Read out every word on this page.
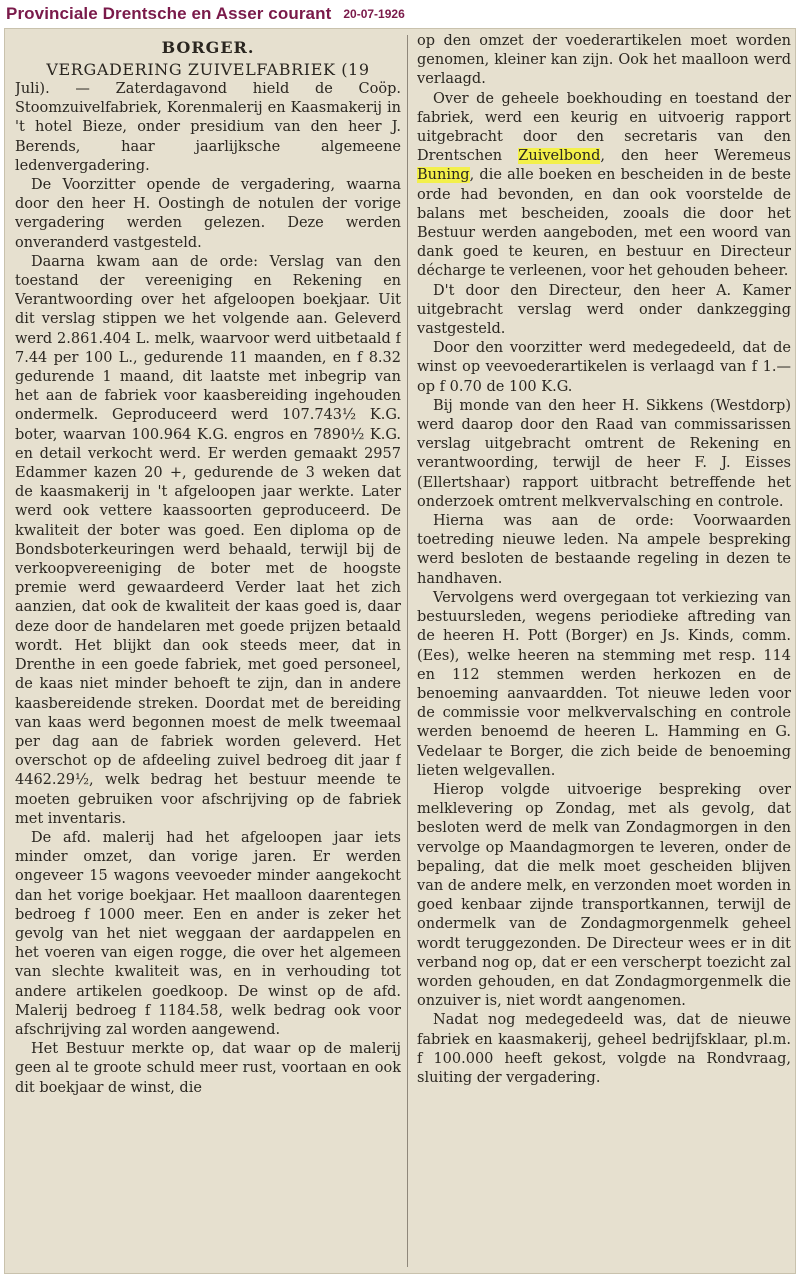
Provinciale Drentsche en Asser courant 20-07-1926
BORGER.
VERGADERING ZUIVELFABRIEK (19

Juli). — Zaterdagavond hield de Coöp. Stoomzuivelfabriek, Korenmalerij en Kaasmakerij in 't hotel Bieze, onder presidium van den heer J. Berends, haar jaarlijksche algemeene ledenvergadering.

De Voorzitter opende de vergadering, waarna door den heer H. Oostingh de notulen der vorige vergadering werden gelezen. Deze werden onveranderd vastgesteld.

Daarna kwam aan de orde: Verslag van den toestand der vereeniging en Rekening en Verantwoording over het afgeloopen boekjaar. Uit dit verslag stippen we het volgende aan. Geleverd werd 2.861.404 L. melk, waarvoor werd uitbetaald f 7.44 per 100 L., gedurende 11 maanden, en f 8.32 gedurende 1 maand, dit laatste met inbegrip van het aan de fabriek voor kaasbereiding ingehouden ondermelk. Geproduceerd werd 107.743½ K.G. boter, waarvan 100.964 K.G. engros en 7890½ K.G. en detail verkocht werd. Er werden gemaakt 2957 Edammer kazen 20 +, gedurende de 3 weken dat de kaasmakerij in 't afgeloopen jaar werkte. Later werd ook vettere kaassoorten geproduceerd. De kwaliteit der boter was goed. Een diploma op de Bondsboterkeuringen werd behaald, terwijl bij de verkoopvereeniging de boter met de hoogste premie werd gewaardeerd Verder laat het zich aanzien, dat ook de kwaliteit der kaas goed is, daar deze door de handelaren met goede prijzen betaald wordt. Het blijkt dan ook steeds meer, dat in Drenthe in een goede fabriek, met goed personeel, de kaas niet minder behoeft te zijn, dan in andere kaasbereidende streken. Doordat met de bereiding van kaas werd begonnen moest de melk tweemaal per dag aan de fabriek worden geleverd. Het overschot op de afdeeling zuivel bedroeg dit jaar f 4462.29½, welk bedrag het bestuur meende te moeten gebruiken voor afschrijving op de fabriek met inventaris.

De afd. malerij had het afgeloopen jaar iets minder omzet, dan vorige jaren. Er werden ongeveer 15 wagons veevoeder minder aangekocht dan het vorige boekjaar. Het maalloon daarentegen bedroeg f 1000 meer. Een en ander is zeker het gevolg van het niet weggaan der aardappelen en het voeren van eigen rogge, die over het algemeen van slechte kwaliteit was, en in verhouding tot andere artikelen goedkoop. De winst op de afd. Malerij bedroeg f 1184.58, welk bedrag ook voor afschrijving zal worden aangewend.

Het Bestuur merkte op, dat waar op de malerij geen al te groote schuld meer rust, voortaan en ook dit boekjaar de winst, die

op den omzet der voederartikelen moet worden genomen, kleiner kan zijn. Ook het maalloon werd verlaagd.

Over de geheele boekhouding en toestand der fabriek, werd een keurig en uitvoerig rapport uitgebracht door den secretaris van den Drentschen Zuivelbond, den heer Weremeus Buning, die alle boeken en bescheiden in de beste orde had bevonden, en dan ook voorstelde de balans met bescheiden, zooals die door het Bestuur werden aangeboden, met een woord van dank goed te keuren, en bestuur en Directeur décharge te verleenen, voor het gehouden beheer.

D't door den Directeur, den heer A. Kamer uitgebracht verslag werd onder dankzegging vastgesteld.

Door den voorzitter werd medegedeeld, dat de winst op veevoederartikelen is verlaagd van f 1.— op f 0.70 de 100 K.G.

Bij monde van den heer H. Sikkens (Westdorp) werd daarop door den Raad van commissarissen verslag uitgebracht omtrent de Rekening en verantwoording, terwijl de heer F. J. Eisses (Ellertshaar) rapport uitbracht betreffende het onderzoek omtrent melkvervalsching en controle.

Hierna was aan de orde: Voorwaarden toetreding nieuwe leden. Na ampele bespreking werd besloten de bestaande regeling in dezen te handhaven.

Vervolgens werd overgegaan tot verkiezing van bestuursleden, wegens periodieke aftreding van de heeren H. Pott (Borger) en Js. Kinds, comm. (Ees), welke heeren na stemming met resp. 114 en 112 stemmen werden herkozen en de benoeming aanvaardden. Tot nieuwe leden voor de commissie voor melkvervalsching en controle werden benoemd de heeren L. Hamming en G. Vedelaar te Borger, die zich beide de benoeming lieten welgevallen.

Hierop volgde uitvoerige bespreking over melklevering op Zondag, met als gevolg, dat besloten werd de melk van Zondagmorgen in den vervolge op Maandagmorgen te leveren, onder de bepaling, dat die melk moet gescheiden blijven van de andere melk, en verzonden moet worden in goed kenbaar zijnde transportkannen, terwijl de ondermelk van de Zondagmorgenmelk geheel wordt teruggezonden. De Directeur wees er in dit verband nog op, dat er een verscherpt toezicht zal worden gehouden, en dat Zondagmorgenmelk die onzuiver is, niet wordt aangenomen.

Nadat nog medegedeeld was, dat de nieuwe fabriek en kaasmakerij, geheel bedrijfsklaar, pl.m. f 100.000 heeft gekost, volgde na Rondvraag, sluiting der vergadering.
